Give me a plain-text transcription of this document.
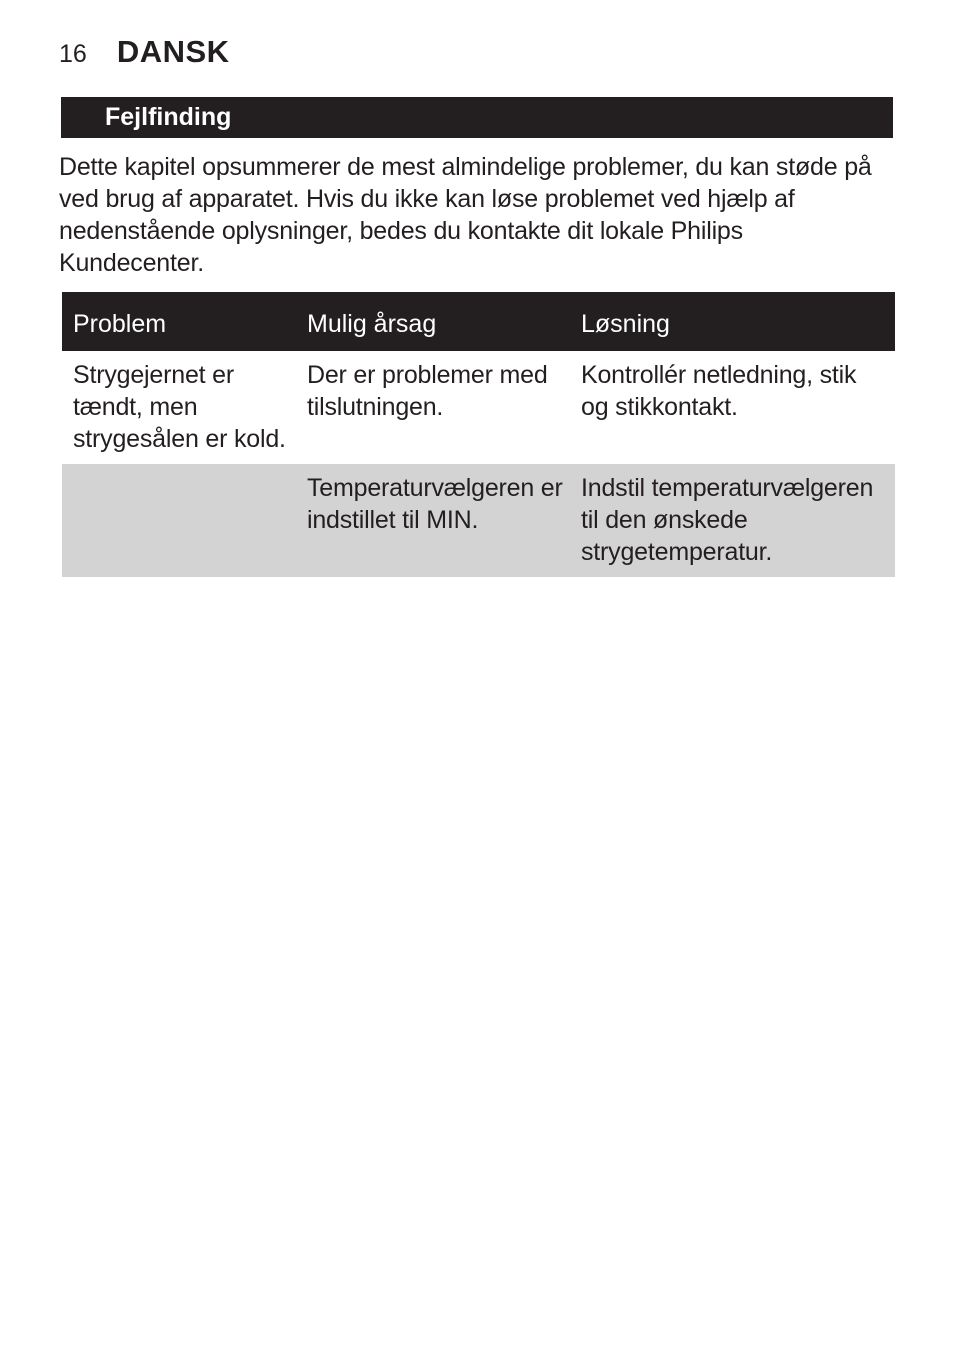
16 DANSK
Fejlfinding

Dette kapitel opsummerer de mest almindelige problemer, du kan støde på ved brug af apparatet. Hvis du ikke kan løse problemet ved hjælp af nedenstående oplysninger, bedes du kontakte dit lokale Philips Kundecenter.

Problem	Mulig årsag	Løsning
Strygejernet er tændt, men strygesålen er kold.
Der er problemer med tilslutningen.
Kontrollér netledning, stik og stikkontakt.
Temperaturvælgeren er indstillet til MIN.
Indstil temperaturvælgeren til den ønskede strygetemperatur.
